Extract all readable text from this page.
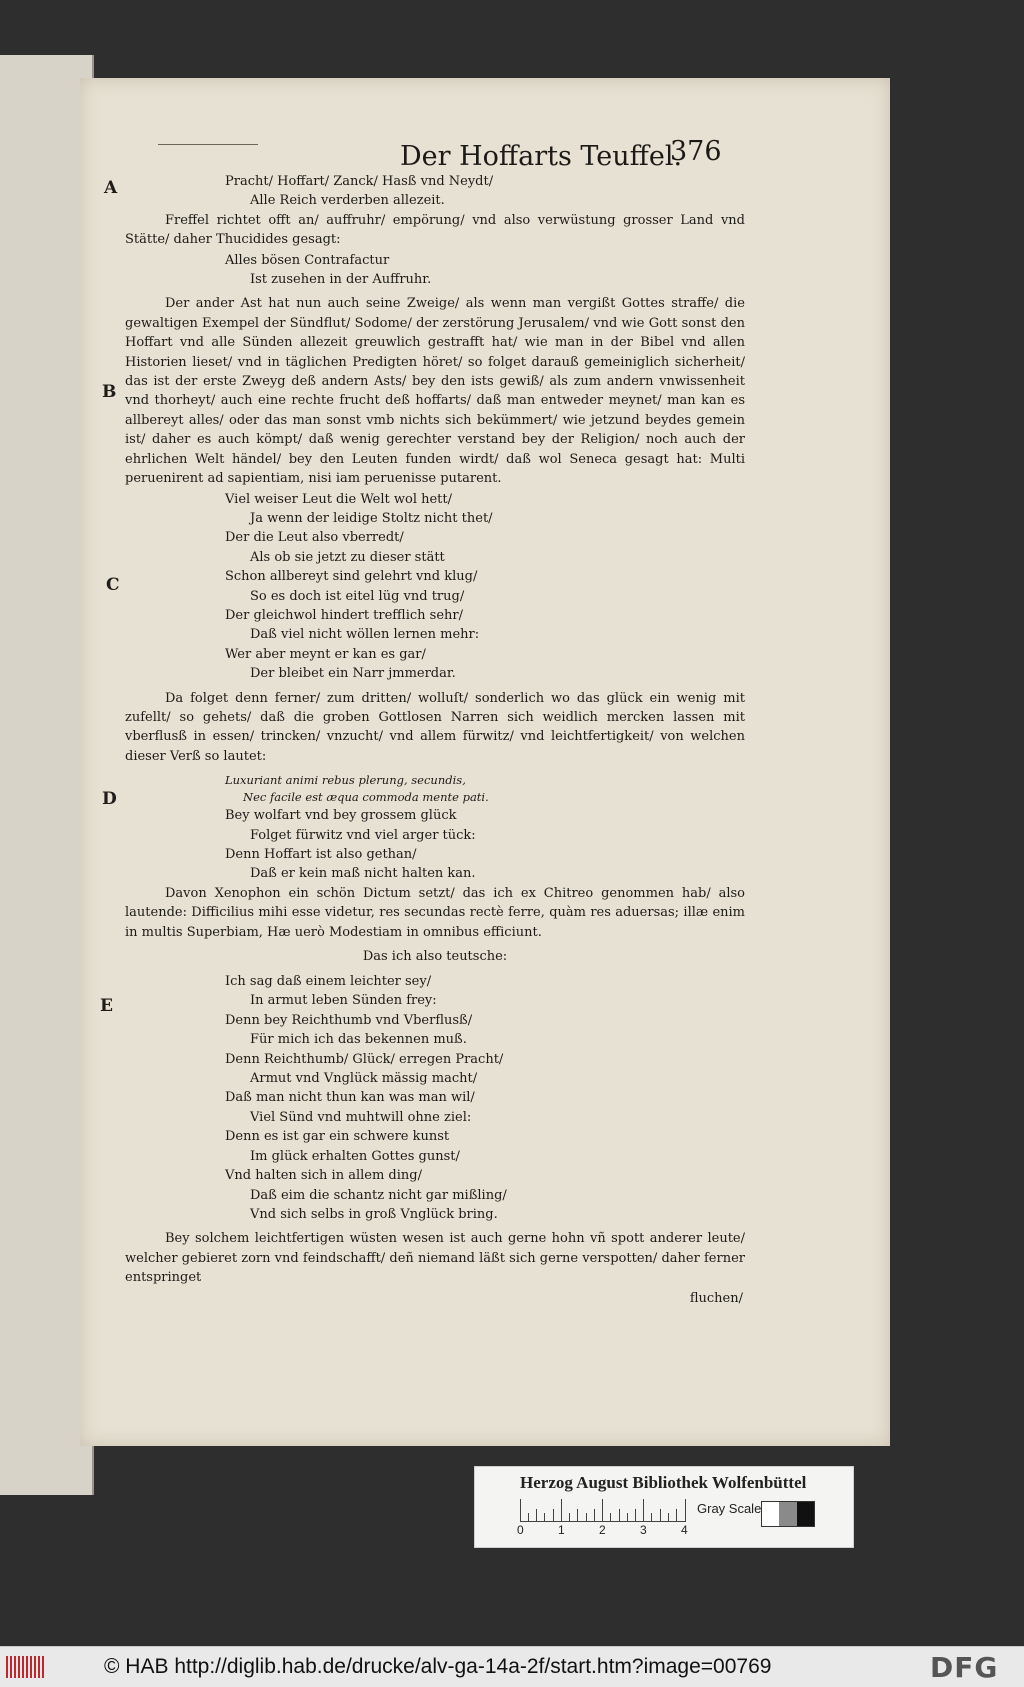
Der Hoffarts Teuffel.
376
A
B
C
D
E

Pracht/ Hoffart/ Zanck/ Hasß vnd Neydt/

Alle Reich verderben allezeit.

Freffel richtet offt an/ auffruhr/ empörung/ vnd also verwüstung grosser Land vnd Stätte/ daher Thucidides gesagt:

Alles bösen Contrafactur

Ist zusehen in der Auffruhr.

Der ander Ast hat nun auch seine Zweige/ als wenn man vergißt Gottes straffe/ die gewaltigen Exempel der Sündflut/ Sodome/ der zerstörung Jerusalem/ vnd wie Gott sonst den Hoffart vnd alle Sünden allezeit greuwlich gestrafft hat/ wie man in der Bibel vnd allen Historien lieset/ vnd in täglichen Predigten höret/ so folget darauß gemeiniglich sicherheit/ das ist der erste Zweyg deß andern Asts/ bey den ists gewiß/ als zum andern vnwissenheit vnd thorheyt/ auch eine rechte frucht deß hoffarts/ daß man entweder meynet/ man kan es allbereyt alles/ oder das man sonst vmb nichts sich bekümmert/ wie jetzund beydes gemein ist/ daher es auch kömpt/ daß wenig gerechter verstand bey der Religion/ noch auch der ehrlichen Welt händel/ bey den Leuten funden wirdt/ daß wol Seneca gesagt hat: Multi peruenirent ad sapientiam, nisi iam peruenisse putarent.

Viel weiser Leut die Welt wol hett/

Ja wenn der leidige Stoltz nicht thet/

Der die Leut also vberredt/

Als ob sie jetzt zu dieser stätt

Schon allbereyt sind gelehrt vnd klug/

So es doch ist eitel lüg vnd trug/

Der gleichwol hindert trefflich sehr/

Daß viel nicht wöllen lernen mehr:

Wer aber meynt er kan es gar/

Der bleibet ein Narr jmmerdar.

Da folget denn ferner/ zum dritten/ wolluſt/ sonderlich wo das glück ein wenig mit zufellt/ so gehets/ daß die groben Gottlosen Narren sich weidlich mercken lassen mit vberflusß in essen/ trincken/ vnzucht/ vnd allem fürwitz/ vnd leichtfertigkeit/ von welchen dieser Verß so lautet:

Luxuriant animi rebus plerung, secundis,

Nec facile est æqua commoda mente pati.

Bey wolfart vnd bey grossem glück

Folget fürwitz vnd viel arger tück:

Denn Hoffart ist also gethan/

Daß er kein maß nicht halten kan.

Davon Xenophon ein schön Dictum setzt/ das ich ex Chitreo genommen hab/ also lautende: Difficilius mihi esse videtur, res secundas rectè ferre, quàm res aduersas; illæ enim in multis Superbiam, Hæ uerò Modestiam in omnibus efficiunt.

Das ich also teutsche:

Ich sag daß einem leichter sey/

In armut leben Sünden frey:

Denn bey Reichthumb vnd Vberflusß/

Für mich ich das bekennen muß.

Denn Reichthumb/ Glück/ erregen Pracht/

Armut vnd Vnglück mässig macht/

Daß man nicht thun kan was man wil/

Viel Sünd vnd muhtwill ohne ziel:

Denn es ist gar ein schwere kunst

Im glück erhalten Gottes gunst/

Vnd halten sich in allem ding/

Daß eim die schantz nicht gar mißling/

Vnd sich selbs in groß Vnglück bring.

Bey solchem leichtfertigen wüsten wesen ist auch gerne hohn vñ spott anderer leute/ welcher gebieret zorn vnd feindschafft/ deñ niemand läßt sich gerne verspotten/ daher ferner entspringet

fluchen/

Herzog August Bibliothek Wolfenbüttel
0	1	2	3	4
Gray Scale
© HAB http://diglib.hab.de/drucke/alv-ga-14a-2f/start.htm?image=00769	DFG
